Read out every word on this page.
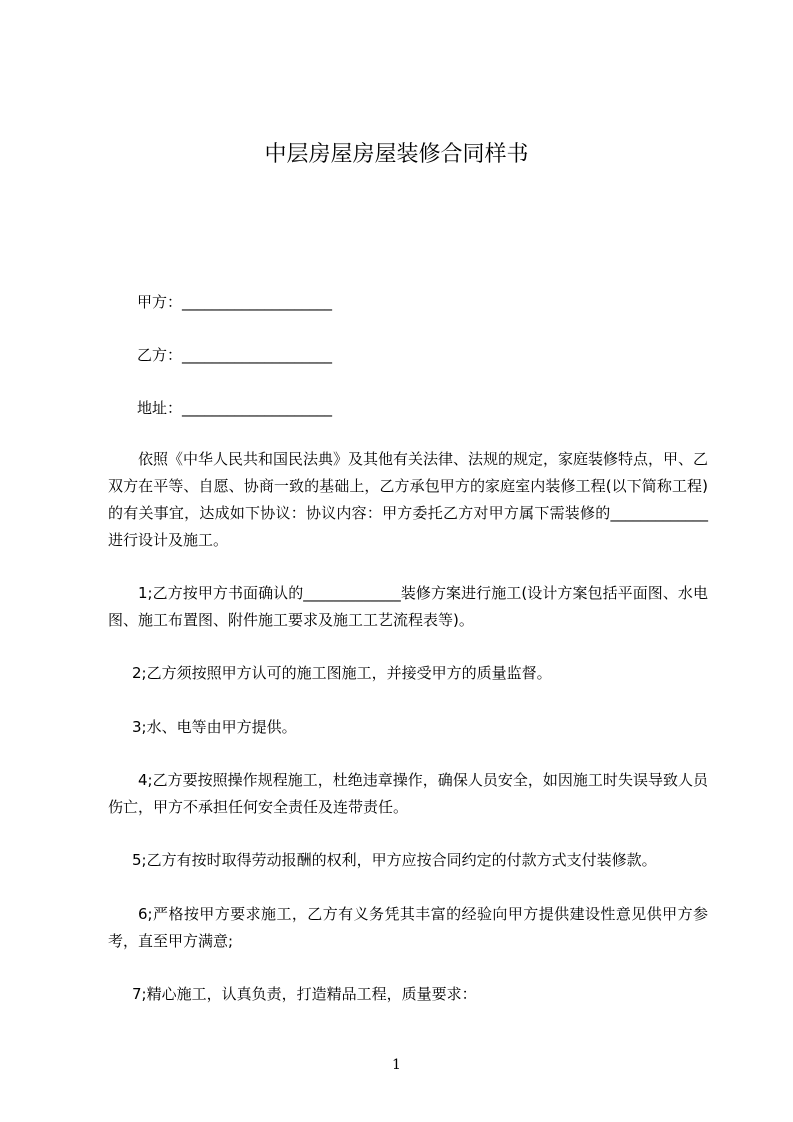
中层房屋房屋装修合同样书
甲方：____________________
乙方：____________________
地址：____________________
依照《中华人民共和国民法典》及其他有关法律、法规的规定，家庭装修特点，甲、乙双方在平等、自愿、协商一致的基础上，乙方承包甲方的家庭室内装修工程(以下简称工程)的有关事宜，达成如下协议：协议内容：甲方委托乙方对甲方属下需装修的_____________进行设计及施工。
1;乙方按甲方书面确认的_____________装修方案进行施工(设计方案包括平面图、水电图、施工布置图、附件施工要求及施工工艺流程表等)。
2;乙方须按照甲方认可的施工图施工，并接受甲方的质量监督。
3;水、电等由甲方提供。
4;乙方要按照操作规程施工，杜绝违章操作，确保人员安全，如因施工时失误导致人员伤亡，甲方不承担任何安全责任及连带责任。
5;乙方有按时取得劳动报酬的权利，甲方应按合同约定的付款方式支付装修款。
6;严格按甲方要求施工，乙方有义务凭其丰富的经验向甲方提供建设性意见供甲方参考，直至甲方满意;
7;精心施工，认真负责，打造精品工程，质量要求：
1
